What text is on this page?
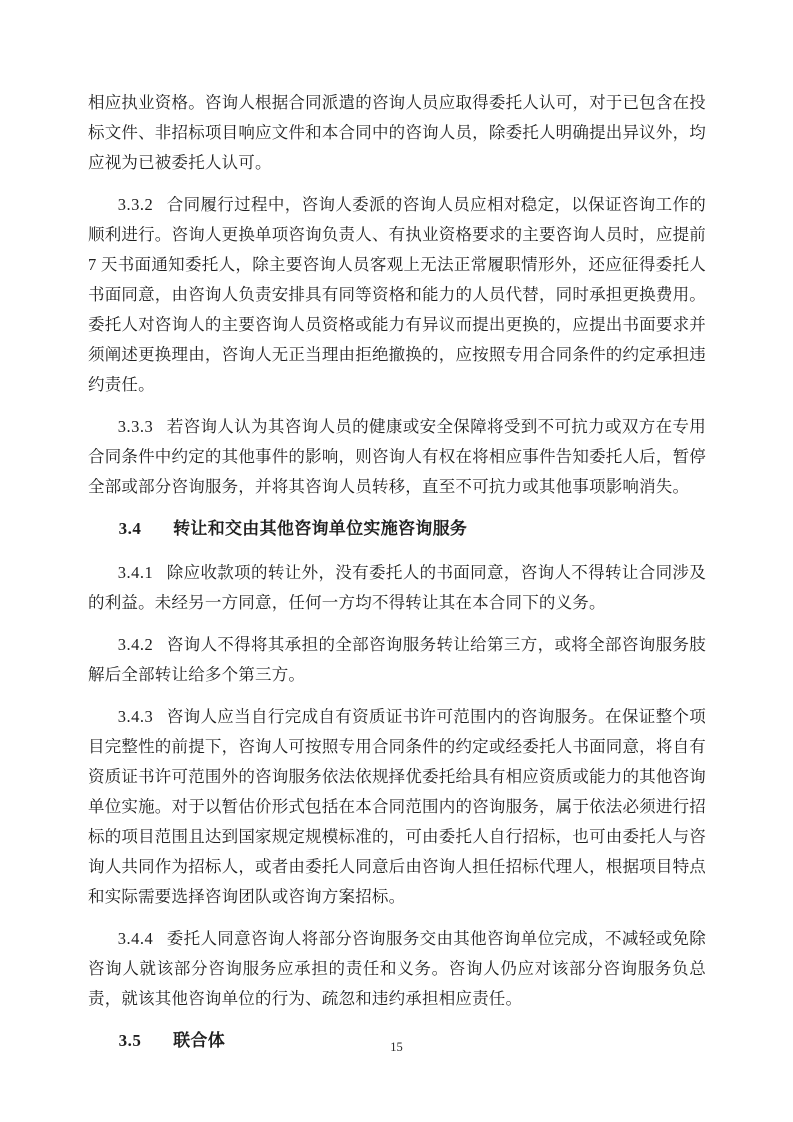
相应执业资格。咨询人根据合同派遣的咨询人员应取得委托人认可，对于已包含在投标文件、非招标项目响应文件和本合同中的咨询人员，除委托人明确提出异议外，均应视为已被委托人认可。

3.3.2 合同履行过程中，咨询人委派的咨询人员应相对稳定，以保证咨询工作的顺利进行。咨询人更换单项咨询负责人、有执业资格要求的主要咨询人员时，应提前 7 天书面通知委托人，除主要咨询人员客观上无法正常履职情形外，还应征得委托人书面同意，由咨询人负责安排具有同等资格和能力的人员代替，同时承担更换费用。委托人对咨询人的主要咨询人员资格或能力有异议而提出更换的，应提出书面要求并须阐述更换理由，咨询人无正当理由拒绝撤换的，应按照专用合同条件的约定承担违约责任。

3.3.3 若咨询人认为其咨询人员的健康或安全保障将受到不可抗力或双方在专用合同条件中约定的其他事件的影响，则咨询人有权在将相应事件告知委托人后，暂停全部或部分咨询服务，并将其咨询人员转移，直至不可抗力或其他事项影响消失。

3.4 转让和交由其他咨询单位实施咨询服务

3.4.1 除应收款项的转让外，没有委托人的书面同意，咨询人不得转让合同涉及的利益。未经另一方同意，任何一方均不得转让其在本合同下的义务。

3.4.2 咨询人不得将其承担的全部咨询服务转让给第三方，或将全部咨询服务肢解后全部转让给多个第三方。

3.4.3 咨询人应当自行完成自有资质证书许可范围内的咨询服务。在保证整个项目完整性的前提下，咨询人可按照专用合同条件的约定或经委托人书面同意，将自有资质证书许可范围外的咨询服务依法依规择优委托给具有相应资质或能力的其他咨询单位实施。对于以暂估价形式包括在本合同范围内的咨询服务，属于依法必须进行招标的项目范围且达到国家规定规模标准的，可由委托人自行招标，也可由委托人与咨询人共同作为招标人，或者由委托人同意后由咨询人担任招标代理人，根据项目特点和实际需要选择咨询团队或咨询方案招标。

3.4.4 委托人同意咨询人将部分咨询服务交由其他咨询单位完成，不减轻或免除咨询人就该部分咨询服务应承担的责任和义务。咨询人仍应对该部分咨询服务负总责，就该其他咨询单位的行为、疏忽和违约承担相应责任。

3.5 联合体	15
